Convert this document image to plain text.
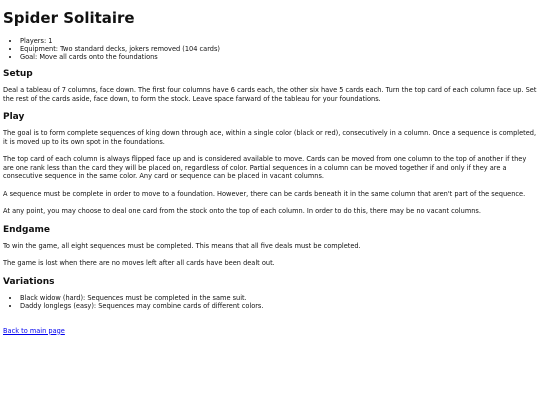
Spider Solitaire
• Players: 1
• Equipment: Two standard decks, jokers removed (104 cards)
• Goal: Move all cards onto the foundations
Setup

Deal a tableau of 7 columns, face down. The first four columns have 6 cards each, the other six have 5 cards each. Turn the top card of each column face up. Set the rest of the cards aside, face down, to form the stock. Leave space farward of the tableau for your foundations.

Play

The goal is to form complete sequences of king down through ace, within a single color (black or red), consecutively in a column. Once a sequence is completed, it is moved up to its own spot in the foundations.

The top card of each column is always flipped face up and is considered available to move. Cards can be moved from one column to the top of another if they are one rank less than the card they will be placed on, regardless of color. Partial sequences in a column can be moved together if and only if they are a consecutive sequence in the same color. Any card or sequence can be placed in vacant columns.

A sequence must be complete in order to move to a foundation. However, there can be cards beneath it in the same column that aren't part of the sequence.

At any point, you may choose to deal one card from the stock onto the top of each column. In order to do this, there may be no vacant columns.

Endgame

To win the game, all eight sequences must be completed. This means that all five deals must be completed.

The game is lost when there are no moves left after all cards have been dealt out.

Variations
• Black widow (hard): Sequences must be completed in the same suit.
• Daddy longlegs (easy): Sequences may combine cards of different colors.
Back to main page
